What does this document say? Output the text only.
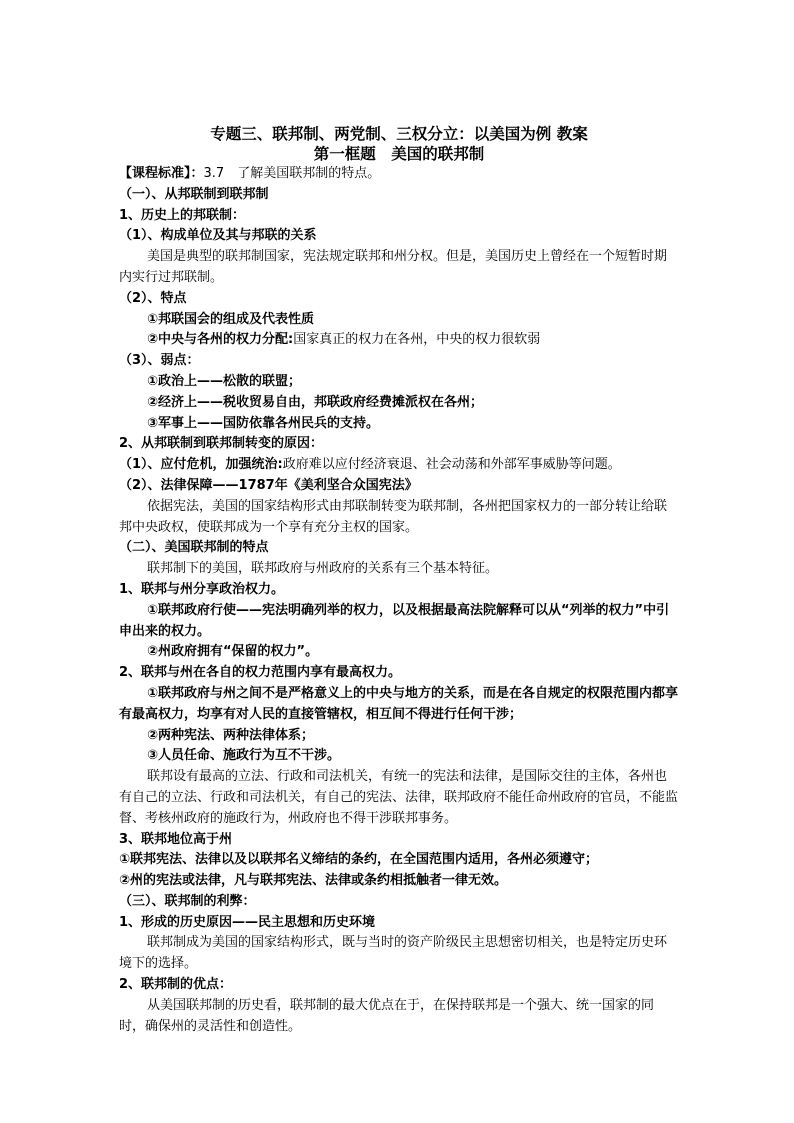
专题三、联邦制、两党制、三权分立：以美国为例 教案

第一框题　美国的联邦制

【课程标准】：3.7　了解美国联邦制的特点。

（一）、从邦联制到联邦制

1、历史上的邦联制：

（1）、构成单位及其与邦联的关系

美国是典型的联邦制国家，宪法规定联邦和州分权。但是，美国历史上曾经在一个短暂时期内实行过邦联制。

（2）、特点

①邦联国会的组成及代表性质

②中央与各州的权力分配:国家真正的权力在各州，中央的权力很软弱

（3）、弱点：

①政治上——松散的联盟；

②经济上——税收贸易自由，邦联政府经费摊派权在各州；

③军事上——国防依靠各州民兵的支持。

2、从邦联制到联邦制转变的原因：

（1）、应付危机，加强统治:政府难以应付经济衰退、社会动荡和外部军事威胁等问题。

（2）、法律保障——1787年《美利坚合众国宪法》

依据宪法，美国的国家结构形式由邦联制转变为联邦制，各州把国家权力的一部分转让给联邦中央政权，使联邦成为一个享有充分主权的国家。

（二）、美国联邦制的特点

联邦制下的美国，联邦政府与州政府的关系有三个基本特征。

1、联邦与州分享政治权力。

①联邦政府行使——宪法明确列举的权力，以及根据最高法院解释可以从“列举的权力”中引申出来的权力。

②州政府拥有“保留的权力”。

2、联邦与州在各自的权力范围内享有最高权力。

①联邦政府与州之间不是严格意义上的中央与地方的关系，而是在各自规定的权限范围内都享有最高权力，均享有对人民的直接管辖权，相互间不得进行任何干涉；

②两种宪法、两种法律体系；

③人员任命、施政行为互不干涉。

联邦设有最高的立法、行政和司法机关，有统一的宪法和法律，是国际交往的主体，各州也有自己的立法、行政和司法机关，有自己的宪法、法律，联邦政府不能任命州政府的官员，不能监督、考核州政府的施政行为，州政府也不得干涉联邦事务。

3、联邦地位高于州

①联邦宪法、法律以及以联邦名义缔结的条约，在全国范围内适用，各州必须遵守；

②州的宪法或法律，凡与联邦宪法、法律或条约相抵触者一律无效。

（三）、联邦制的利弊：

1、形成的历史原因——民主思想和历史环境

联邦制成为美国的国家结构形式，既与当时的资产阶级民主思想密切相关，也是特定历史环境下的选择。

2、联邦制的优点：

从美国联邦制的历史看，联邦制的最大优点在于，在保持联邦是一个强大、统一国家的同时，确保州的灵活性和创造性。
